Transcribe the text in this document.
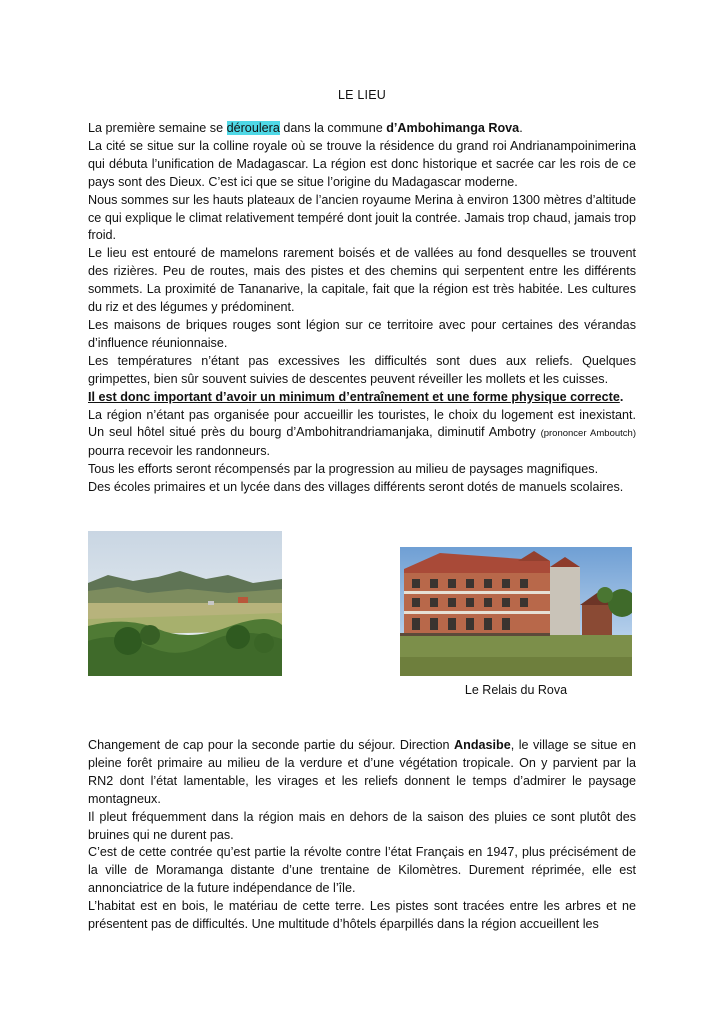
LE LIEU

La première semaine se déroulera dans la commune d’Ambohimanga Rova.

La cité se situe sur la colline royale où se trouve la résidence du grand roi Andrianampoinimerina qui débuta l’unification de Madagascar. La région est donc historique et sacrée car les rois de ce pays sont des Dieux. C’est ici que se situe l’origine du Madagascar moderne.

Nous sommes sur les hauts plateaux de l’ancien royaume Merina à environ 1300 mètres d’altitude ce qui explique le climat relativement tempéré dont jouit la contrée. Jamais trop chaud, jamais trop froid.

Le lieu est entouré de mamelons rarement boisés et de vallées au fond desquelles se trouvent des rizières. Peu de routes, mais des pistes et des chemins qui serpentent entre les différents sommets. La proximité de Tananarive, la capitale, fait que la région est très habitée. Les cultures du riz et des légumes y prédominent.

Les maisons de briques rouges sont légion sur ce territoire avec pour certaines des vérandas d’influence réunionnaise.

Les températures n’étant pas excessives les difficultés sont dues aux reliefs. Quelques grimpettes, bien sûr souvent suivies de descentes peuvent réveiller les mollets et les cuisses.

Il est donc important d’avoir un minimum d’entraînement et une forme physique correcte.

La région n’étant pas organisée pour accueillir les touristes, le choix du logement est inexistant. Un seul hôtel situé près du bourg d’Ambohitrandriamanjaka, diminutif Ambotry (prononcer Amboutch) pourra recevoir les randonneurs.

Tous les efforts seront récompensés par la progression au milieu de paysages magnifiques.

Des écoles primaires et un lycée dans des villages différents seront dotés de manuels scolaires.

Le Relais du Rova

Changement de cap pour la seconde partie du séjour. Direction Andasibe, le village se situe en pleine forêt primaire au milieu de la verdure et d’une végétation tropicale. On y parvient par la RN2 dont l’état lamentable, les virages et les reliefs donnent le temps d’admirer le paysage montagneux.

Il pleut fréquemment dans la région mais en dehors de la saison des pluies ce sont plutôt des bruines qui ne durent pas.

C’est de cette contrée qu’est partie la révolte contre l’état Français en 1947, plus précisément de la ville de Moramanga distante d’une trentaine de Kilomètres. Durement réprimée, elle est annonciatrice de la future indépendance de l’île.

L’habitat est en bois, le matériau de cette terre. Les pistes sont tracées entre les arbres et ne présentent pas de difficultés. Une multitude d’hôtels éparpillés dans la région accueillent les
